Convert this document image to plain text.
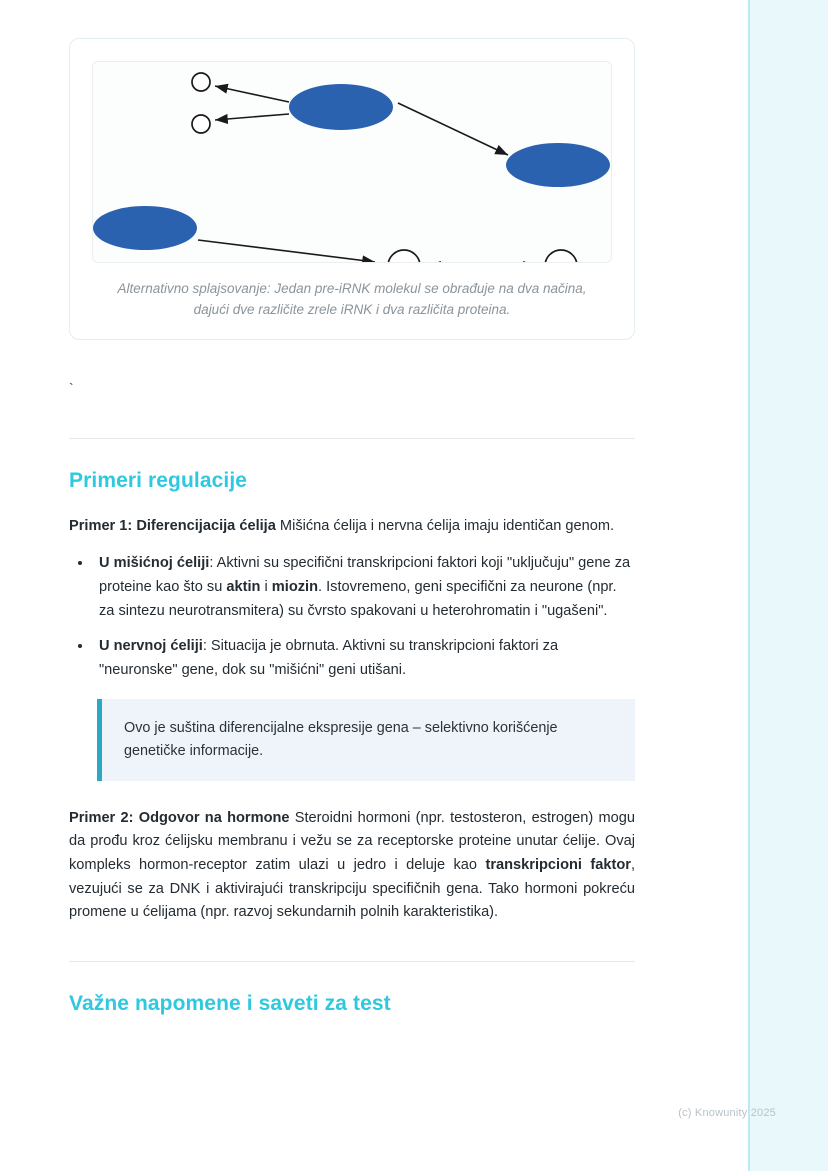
(c) Knowunity 2025
Alternativno splajsovanje: Jedan pre-iRNK molekul se obrađuje na dva načina, dajući dve različite zrele iRNK i dva različita proteina.
`
Primeri regulacije

Primer 1: Diferencijacija ćelija Mišićna ćelija i nervna ćelija imaju identičan genom.

• U mišićnoj ćeliji: Aktivni su specifični transkripcioni faktori koji "uključuju" gene za proteine kao što su aktin i miozin. Istovremeno, geni specifični za neurone (npr. za sintezu neurotransmitera) su čvrsto spakovani u heterohromatin i "ugašeni".
• U nervnoj ćeliji: Situacija je obrnuta. Aktivni su transkripcioni faktori za "neuronske" gene, dok su "mišićni" geni utišani.

Ovo je suština diferencijalne ekspresije gena – selektivno korišćenje genetičke informacije.

Primer 2: Odgovor na hormone Steroidni hormoni (npr. testosteron, estrogen) mogu da prođu kroz ćelijsku membranu i vežu se za receptorske proteine unutar ćelije. Ovaj kompleks hormon-receptor zatim ulazi u jedro i deluje kao transkripcioni faktor, vezujući se za DNK i aktivirajući transkripciju specifičnih gena. Tako hormoni pokreću promene u ćelijama (npr. razvoj sekundarnih polnih karakteristika).

Važne napomene i saveti za test
